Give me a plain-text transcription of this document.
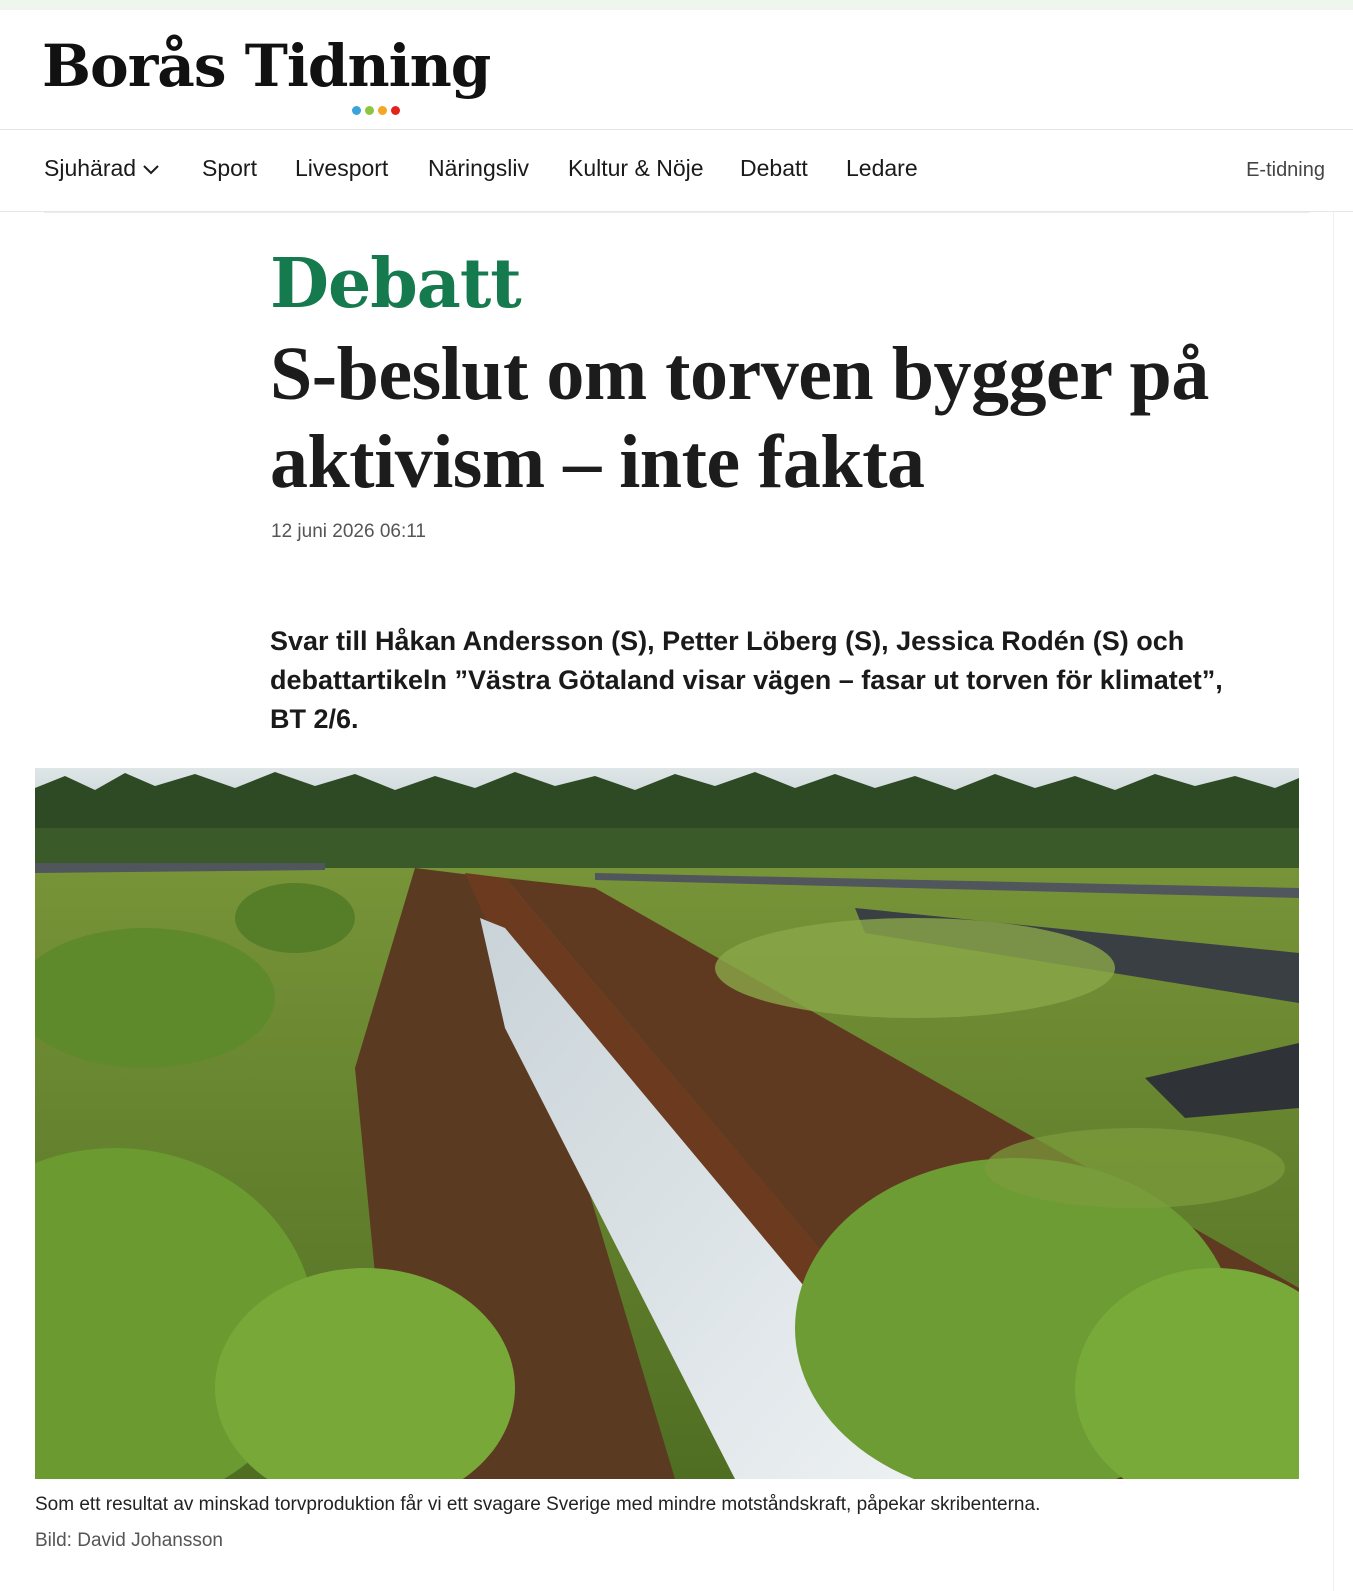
Borås Tidning
Sjuhärad	Sport Livesport Näringsliv Kultur & Nöje Debatt Ledare	E-tidning
Debatt
S-beslut om torven bygger på aktivism – inte fakta
12 juni 2026 06:11

Svar till Håkan Andersson (S), Petter Löberg (S), Jessica Rodén (S) och debattartikeln ”Västra Götaland visar vägen – fasar ut torven för klimatet”, BT 2/6.

Som ett resultat av minskad torvproduktion får vi ett svagare Sverige med mindre motståndskraft, påpekar skribenterna.
Bild: David Johansson
